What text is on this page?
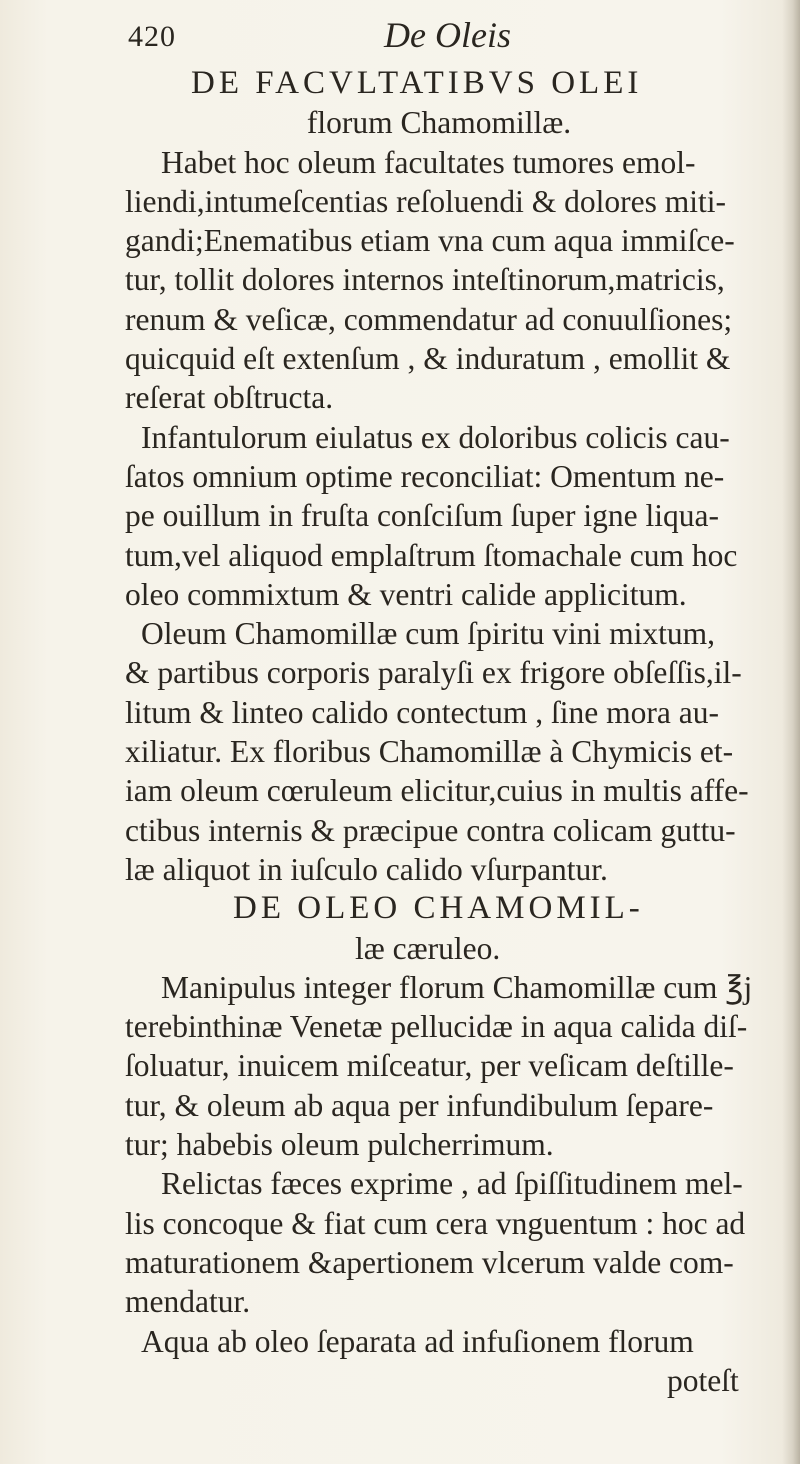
420	De Oleis
DE FACVLTATIBVS OLEI
florum Chamomillæ.
Habet hoc oleum facultates tumores emol-
liendi,intumeſcentias reſoluendi & dolores miti-
gandi;Enematibus etiam vna cum aqua immiſce-
tur, tollit dolores internos inteſtinorum,matricis,
renum & veſicæ, commendatur ad conuulſiones;
quicquid eſt extenſum , & induratum , emollit &
reſerat obſtructa.
Infantulorum eiulatus ex doloribus colicis cau-
ſatos omnium optime reconciliat: Omentum ne-
pe ouillum in fruſta conſciſum ſuper igne liqua-
tum,vel aliquod emplaſtrum ſtomachale cum hoc
oleo commixtum & ventri calide applicitum.
Oleum Chamomillæ cum ſpiritu vini mixtum,
& partibus corporis paralyſi ex frigore obſeſſis,il-
litum & linteo calido contectum , ſine mora au-
xiliatur. Ex floribus Chamomillæ à Chymicis et-
iam oleum cœruleum elicitur,cuius in multis affe-
ctibus internis & præcipue contra colicam guttu-
læ aliquot in iuſculo calido vſurpantur.
DE OLEO CHAMOMIL-
læ cæruleo.
Manipulus integer florum Chamomillæ cum ℥j
terebinthinæ Venetæ pellucidæ in aqua calida diſ-
ſoluatur, inuicem miſceatur, per veſicam deſtille-
tur, & oleum ab aqua per infundibulum ſepare-
tur; habebis oleum pulcherrimum.
Relictas fæces exprime , ad ſpiſſitudinem mel-
lis concoque & fiat cum cera vnguentum : hoc ad
maturationem &apertionem vlcerum valde com-
mendatur.
Aqua ab oleo ſeparata ad infuſionem florum
poteſt
